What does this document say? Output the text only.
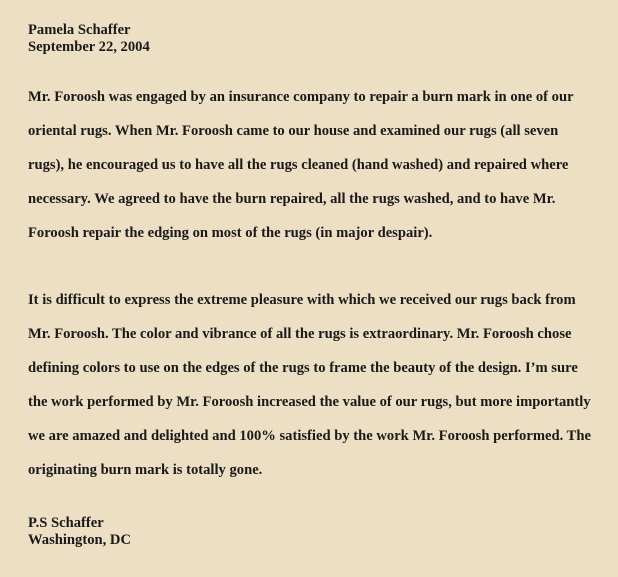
Pamela Schaffer
September 22, 2004
Mr. Foroosh was engaged by an insurance company to repair a burn mark in one of our
oriental rugs. When Mr. Foroosh came to our house and examined our rugs (all seven
rugs), he encouraged us to have all the rugs cleaned (hand washed) and repaired where
necessary. We agreed to have the burn repaired, all the rugs washed, and to have Mr.
Foroosh repair the edging on most of the rugs (in major despair).
It is difficult to express the extreme pleasure with which we received our rugs back from
Mr. Foroosh. The color and vibrance of all the rugs is extraordinary. Mr. Foroosh chose
defining colors to use on the edges of the rugs to frame the beauty of the design. I’m sure
the work performed by Mr. Foroosh increased the value of our rugs, but more importantly
we are amazed and delighted and 100% satisfied by the work Mr. Foroosh performed. The
originating burn mark is totally gone.
P.S Schaffer
Washington, DC
